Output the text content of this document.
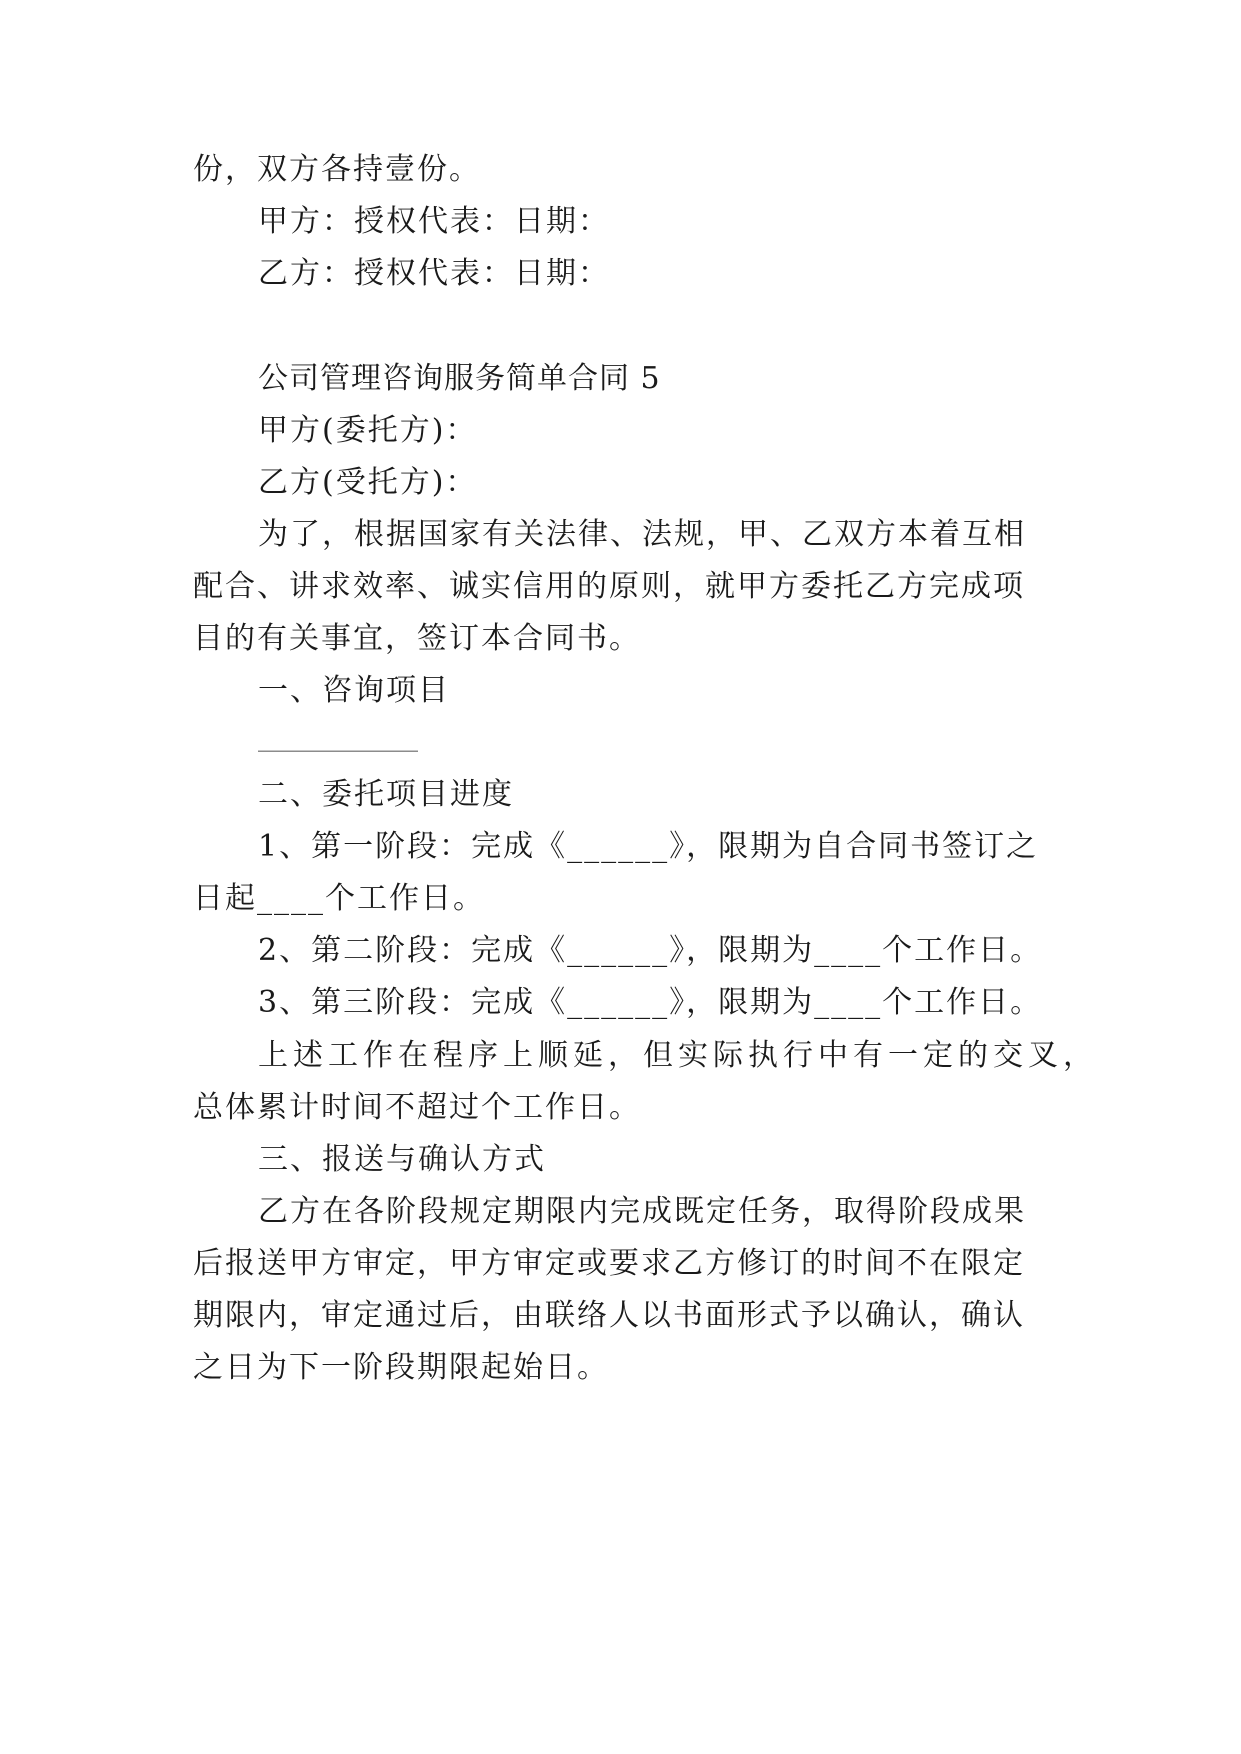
份，双方各持壹份。
甲方：授权代表：日期：
乙方：授权代表：日期：
公司管理咨询服务简单合同 5
甲方(委托方)：
乙方(受托方)：
为了，根据国家有关法律、法规，甲、乙双方本着互相
配合、讲求效率、诚实信用的原则，就甲方委托乙方完成项
目的有关事宜，签订本合同书。
一、咨询项目
________________
二、委托项目进度
1、第一阶段：完成《______》，限期为自合同书签订之
日起____个工作日。
2、第二阶段：完成《______》，限期为____个工作日。
3、第三阶段：完成《______》，限期为____个工作日。
上述工作在程序上顺延，但实际执行中有一定的交叉，
总体累计时间不超过个工作日。
三、报送与确认方式
乙方在各阶段规定期限内完成既定任务，取得阶段成果
后报送甲方审定，甲方审定或要求乙方修订的时间不在限定
期限内，审定通过后，由联络人以书面形式予以确认，确认
之日为下一阶段期限起始日。
